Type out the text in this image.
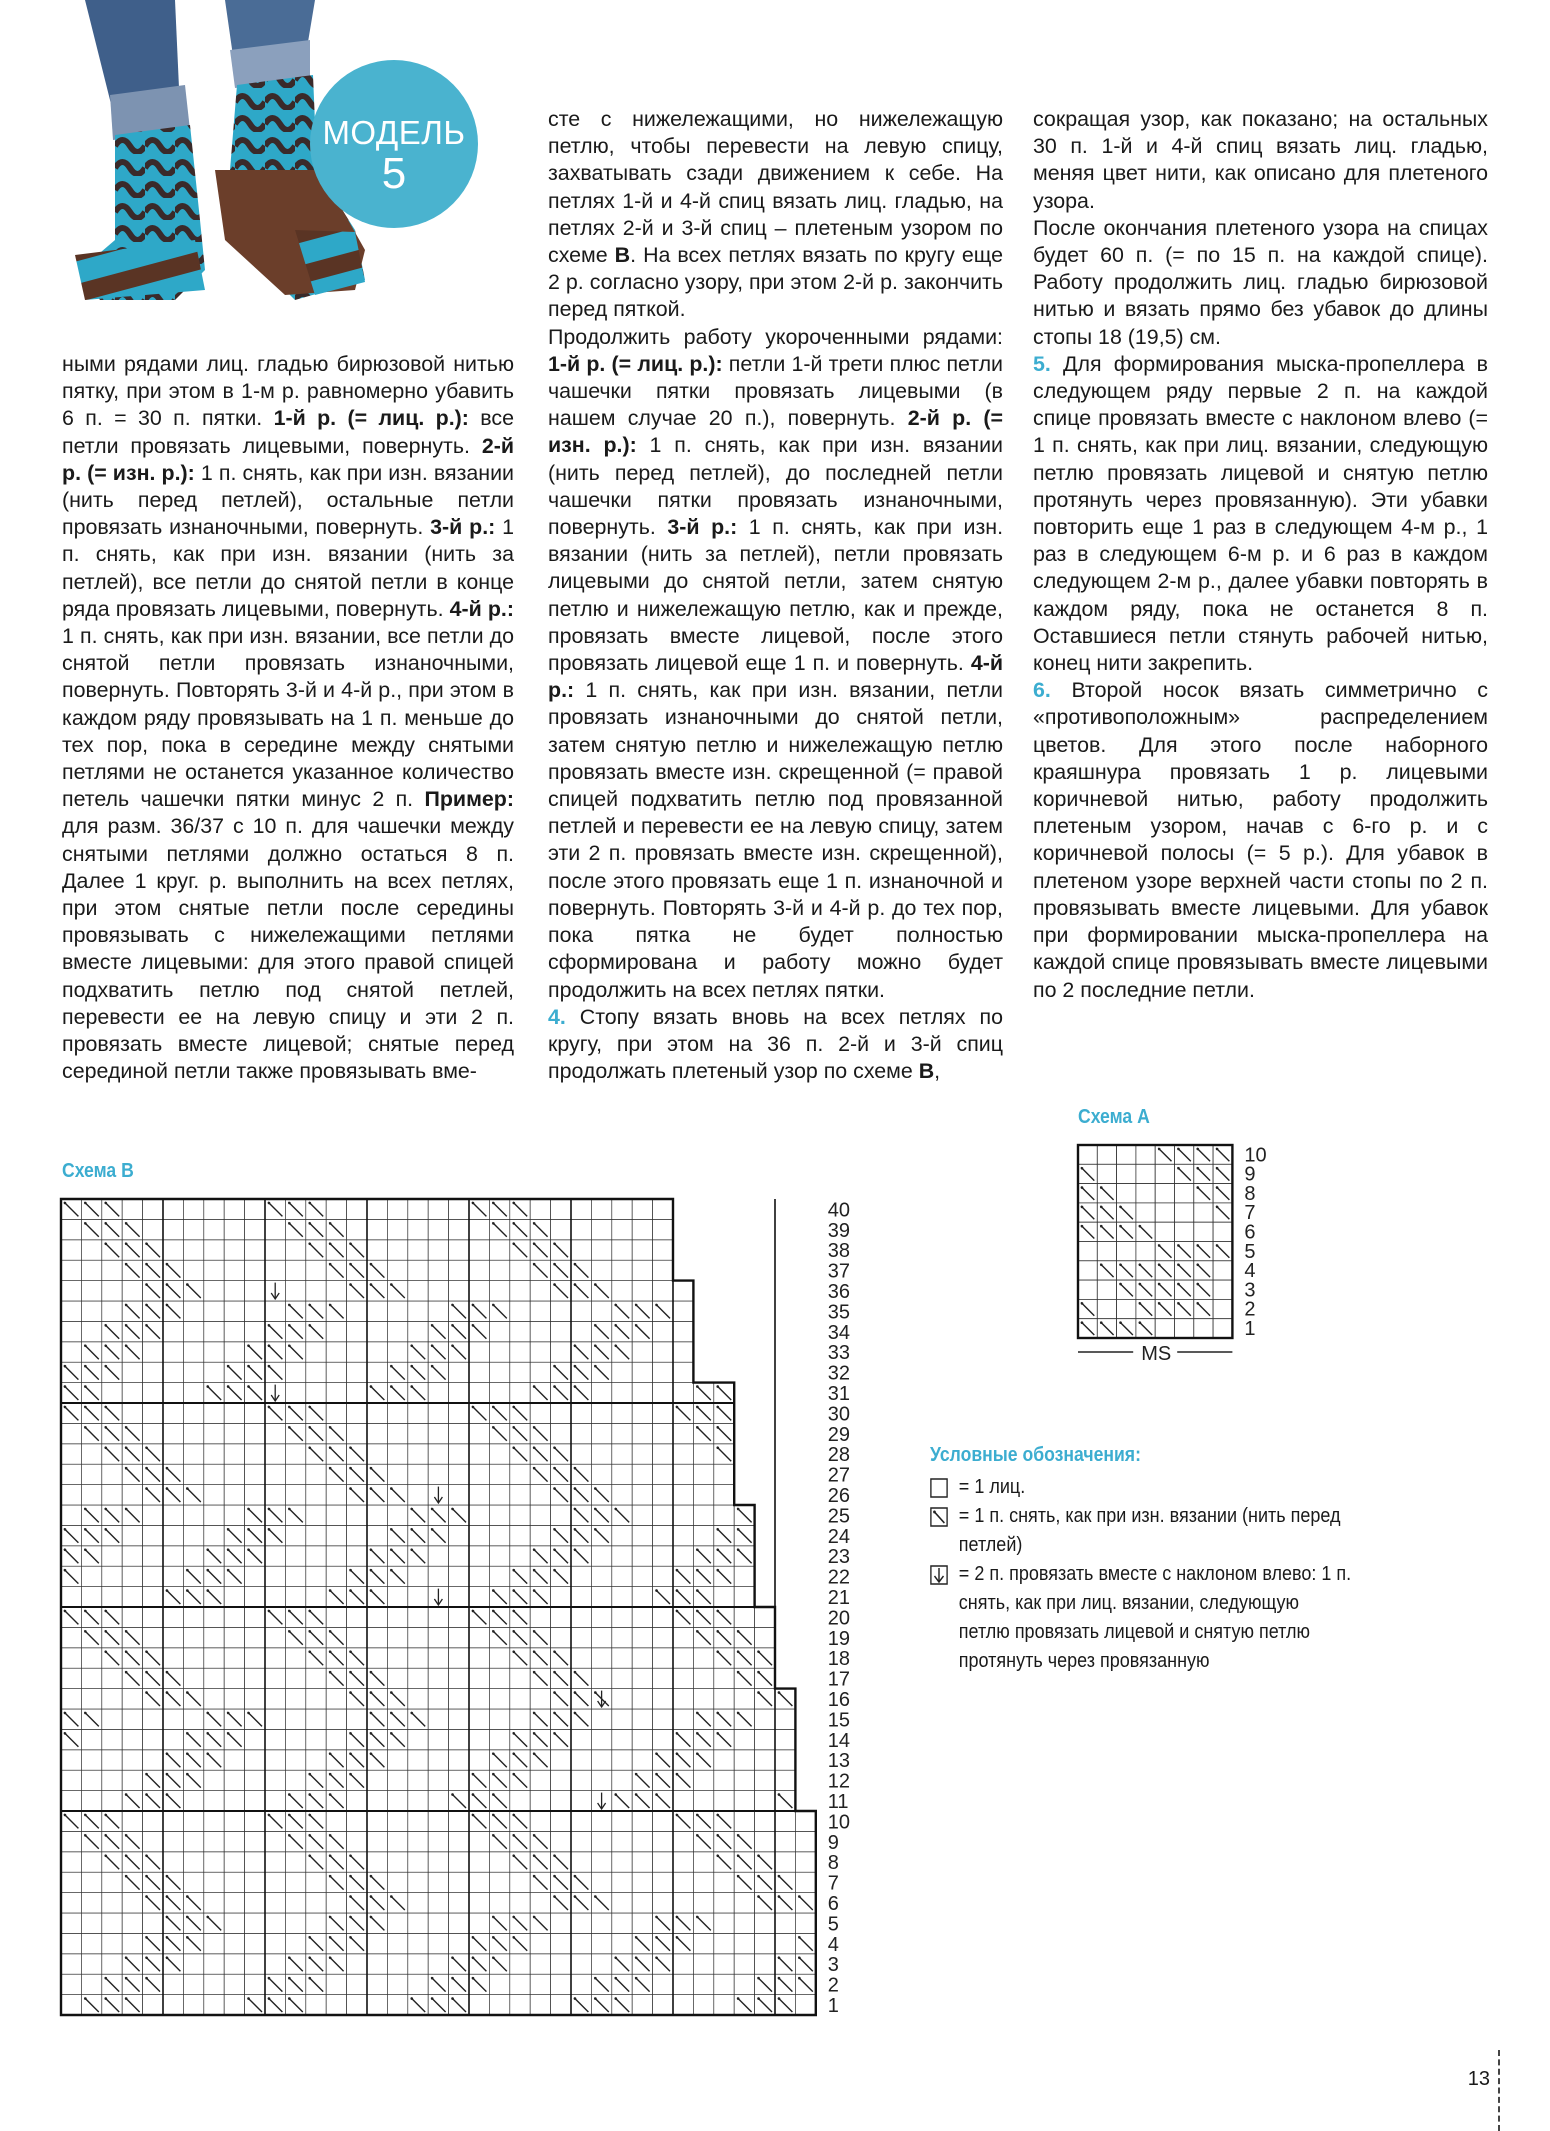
МОДЕЛЬ
5

ными рядами лиц. гладью бирюзовой нитью пятку, при этом в 1-м р. равномерно убавить 6 п. = 30 п. пятки. 1-й р. (= лиц. р.): все петли провязать лицевыми, повернуть. 2-й р. (= изн. р.): 1 п. снять, как при изн. вязании (нить перед петлей), остальные петли провязать изнаночными, повернуть. 3-й р.: 1 п. снять, как при изн. вязании (нить за петлей), все петли до снятой петли в конце ряда провязать лицевыми, повернуть. 4-й р.: 1 п. снять, как при изн. вязании, все петли до снятой петли провязать изнаночными, повернуть. Повторять 3-й и 4-й р., при этом в каждом ряду провязывать на 1 п. меньше до тех пор, пока в середине между снятыми петлями не останется указанное количество петель чашечки пятки минус 2 п. Пример: для разм. 36/37 с 10 п. для чашечки между снятыми петлями должно остаться 8 п. Далее 1 круг. р. выполнить на всех петлях, при этом снятые петли после середины провязывать с нижележащими петлями вместе лицевыми: для этого правой спицей подхватить петлю под снятой петлей, перевести ее на левую спицу и эти 2 п. провязать вместе лицевой; снятые перед серединой петли также провязывать вме-

сте с нижележащими, но нижележащую петлю, чтобы перевести на левую спицу, захватывать сзади движением к себе. На петлях 1-й и 4-й спиц вязать лиц. гладью, на петлях 2-й и 3-й спиц – плетеным узором по схеме В. На всех петлях вязать по кругу еще 2 р. согласно узору, при этом 2-й р. закончить перед пяткой.
Продолжить работу укороченными рядами: 1-й р. (= лиц. р.): петли 1-й трети плюс петли чашечки пятки провязать лицевыми (в нашем случае 20 п.), повернуть. 2-й р. (= изн. р.): 1 п. снять, как при изн. вязании (нить перед петлей), до последней петли чашечки пятки провязать изнаночными, повернуть. 3-й р.: 1 п. снять, как при изн. вязании (нить за петлей), петли провязать лицевыми до снятой петли, затем снятую петлю и нижележащую петлю, как и прежде, провязать вместе лицевой, после этого провязать лицевой еще 1 п. и повернуть. 4-й р.: 1 п. снять, как при изн. вязании, петли провязать изнаночными до снятой петли, затем снятую петлю и нижележащую петлю провязать вместе изн. скрещенной (= правой спицей подхватить петлю под провязанной петлей и перевести ее на левую спицу, затем эти 2 п. провязать вместе изн. скрещенной), после этого провязать еще 1 п. изнаночной и повернуть. Повторять 3-й и 4-й р. до тех пор, пока пятка не будет полностью сформирована и работу можно будет продолжить на всех петлях пятки.
4. Стопу вязать вновь на всех петлях по кругу, при этом на 36 п. 2-й и 3-й спиц продолжать плетеный узор по схеме В,

сокращая узор, как показано; на остальных 30 п. 1-й и 4-й спиц вязать лиц. гладью, меняя цвет нити, как описано для плетеного узора.
После окончания плетеного узора на спицах будет 60 п. (= по 15 п. на каждой спице). Работу продолжить лиц. гладью бирюзовой нитью и вязать прямо без убавок до длины стопы 18 (19,5) см.
5. Для формирования мыска-пропеллера в следующем ряду первые 2 п. на каждой спице провязать вместе с наклоном влево (= 1 п. снять, как при лиц. вязании, следующую петлю провязать лицевой и снятую петлю протянуть через провязанную). Эти убавки повторить еще 1 раз в следующем 4-м р., 1 раз в следующем 6-м р. и 6 раз в каждом следующем 2-м р., далее убавки повторять в каждом ряду, пока не останется 8 п. Оставшиеся петли стянуть рабочей нитью, конец нити закрепить.
6. Второй носок вязать симметрично с «противоположным» распределением цветов. Для этого после наборного краяшнура провязать 1 р. лицевыми коричневой нитью, работу продолжить плетеным узором, начав с 6-го р. и с коричневой полосы (= 5 р.). Для убавок в плетеном узоре верхней части стопы по 2 п. провязывать вместе лицевыми. Для убавок при формировании мыска-пропеллера на каждой спице провязывать вместе лицевыми по 2 последние петли.

Схема B
1
2
3
4
5
6
7
8
9
10
11
12
13
14
15
16
17
18
19
20
21
22
23
24
25
26
27
28
29
30
31
32
33
34
35
36
37
38
39
40
Схема A
10
9
8
7
6
5
4
3
2
1
MS
Условные обозначения:
= 1 лиц.
= 1 п. снять, как при изн. вязании (нить перед петлей)
= 2 п. провязать вместе с наклоном влево: 1 п. снять, как при лиц. вязании, следующую петлю провязать лицевой и снятую петлю протянуть через провязанную
13
